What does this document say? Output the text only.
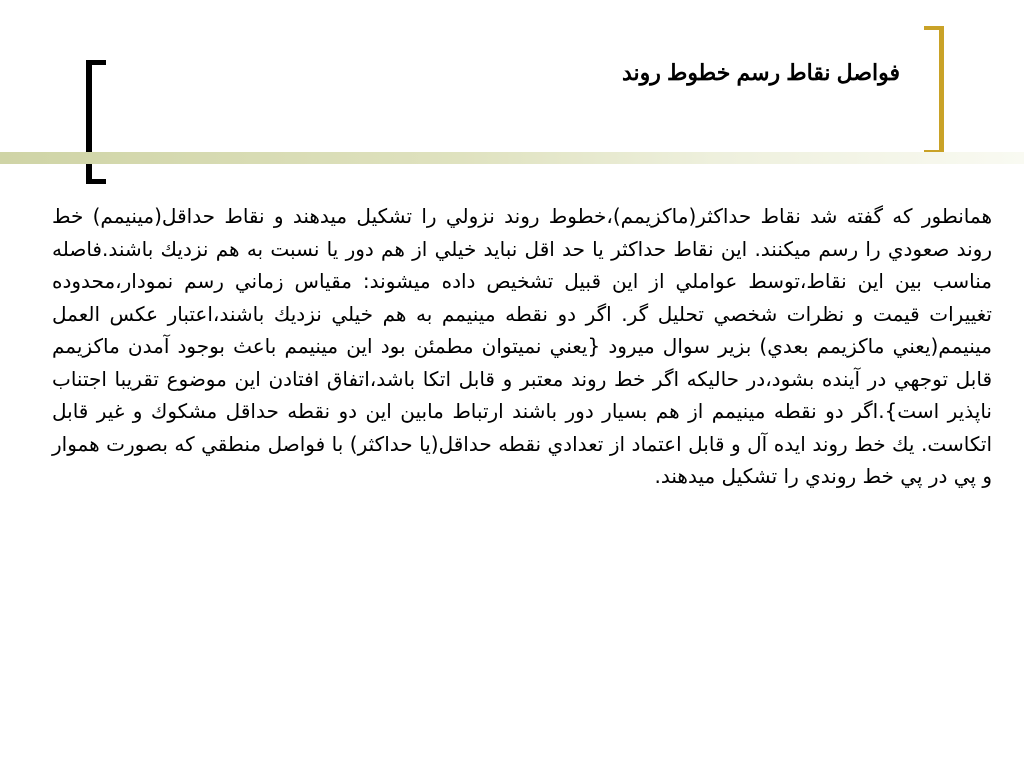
فواصل نقاط رسم خطوط روند

همانطور كه گفته شد نقاط حداكثر(ماكزيمم)،خطوط روند نزولي را تشكيل ميدهند و نقاط حداقل(مينيمم) خط روند صعودي را رسم ميكنند. اين نقاط حداكثر يا حد اقل نبايد خيلي از هم دور يا نسبت به هم نزديك باشند.فاصله مناسب بين اين نقاط،توسط عواملي از اين قبيل تشخيص داده ميشوند: مقياس زماني رسم نمودار،محدوده تغييرات قيمت و نظرات شخصي تحليل گر. اگر دو نقطه مينيمم به هم خيلي نزديك باشند،اعتبار عكس العمل مينيمم(يعني ماكزيمم بعدي) بزير سوال ميرود {يعني نميتوان مطمئن بود اين مينيمم باعث بوجود آمدن ماكزيمم قابل توجهي در آينده بشود،در حاليكه اگر خط روند معتبر و قابل اتكا باشد،اتفاق افتادن اين موضوع تقريبا اجتناب ناپذير است}.اگر دو نقطه مينيمم از هم بسيار دور باشند ارتباط مابين اين دو نقطه حداقل مشكوك و غير قابل اتكاست. يك خط روند ايده آل و قابل اعتماد از تعدادي نقطه حداقل(يا حداكثر) با فواصل منطقي كه بصورت هموار و پي در پي خط روندي را تشكيل ميدهند.
